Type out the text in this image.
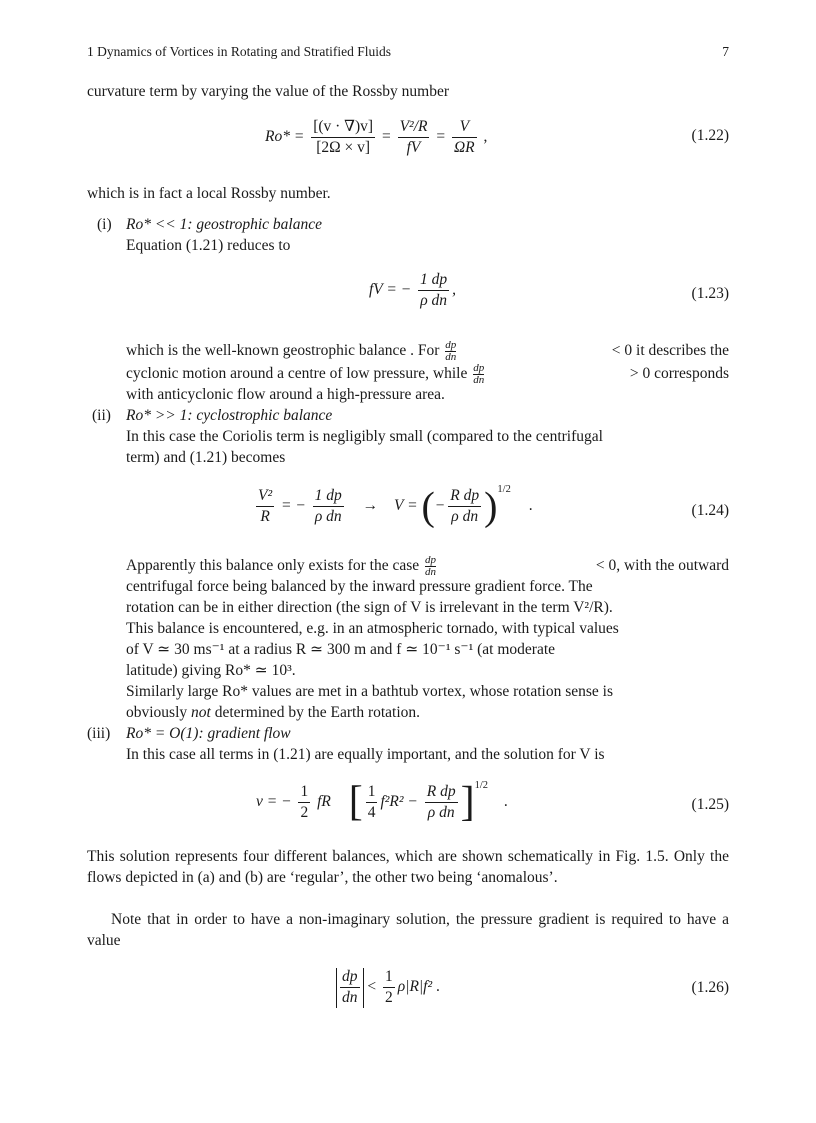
1 Dynamics of Vortices in Rotating and Stratified Fluids	7
curvature term by varying the value of the Rossby number
$Ro* = \frac{[(v \cdot \nabla)v]}{[2\Omega \times v]} = \frac{\text{V²/R}}{fV} = \frac{V}{\Omega R}$ ,	(1.22)
which is in fact a local Rossby number.
(i) Ro* << 1: geostrophic balance
Equation (1.21) reduces to
fV = − $\frac{1 dp}{\text{ρ dn}}$ ,	(1.23)
which is the well-known geostrophic balance . For $\frac{dp}{dn}$	< 0 it describes the
cyclonic motion around a centre of low pressure, while $\frac{dp}{dn}$	> 0 corresponds
with anticyclonic flow around a high-pressure area.
(ii) Ro* >> 1: cyclostrophic balance
In this case the Coriolis term is negligibly small (compared to the centrifugal
term) and (1.21) becomes
$\frac{\text{V²}}{R}$ = − $\frac{1 dp}{\text{ρ dn}} \to V$ = (− $\frac{\text{R dp}}{\text{ρ dn}} )^{1/2}$ .	(1.24)
Apparently this balance only exists for the case $\frac{dp}{dn}$	< 0, with the outward
centrifugal force being balanced by the inward pressure gradient force. The
rotation can be in either direction (the sign of V is irrelevant in the term V²/R).
This balance is encountered, e.g. in an atmospheric tornado, with typical values
of V ≃ 30 ms⁻¹ at a radius R ≃ 300 m and f ≃ 10⁻¹ s⁻¹ (at moderate
latitude) giving Ro* ≃ 10³.
Similarly large Ro* values are met in a bathtub vortex, whose rotation sense is
obviously not determined by the Earth rotation.
(iii) Ro* = O(1): gradient flow
In this case all terms in (1.21) are equally important, and the solution for V is
v = − $\frac{1}{2}$ fR [ $\frac{1}{4} f^2R^2 - \frac{\text{R dp}}{\text{ρ dn}} ]^{1/2}$ .	(1.25)
This solution represents four different balances, which are shown schematically in Fig. 1.5. Only the flows depicted in (a) and (b) are ‘regular’, the other two being ‘anomalous’.
Note that in order to have a non-imaginary solution, the pressure gradient is required to have a value
$\frac{dp}{dn} < \frac{1}{2} \rho|R|f^2$ .	(1.26)
